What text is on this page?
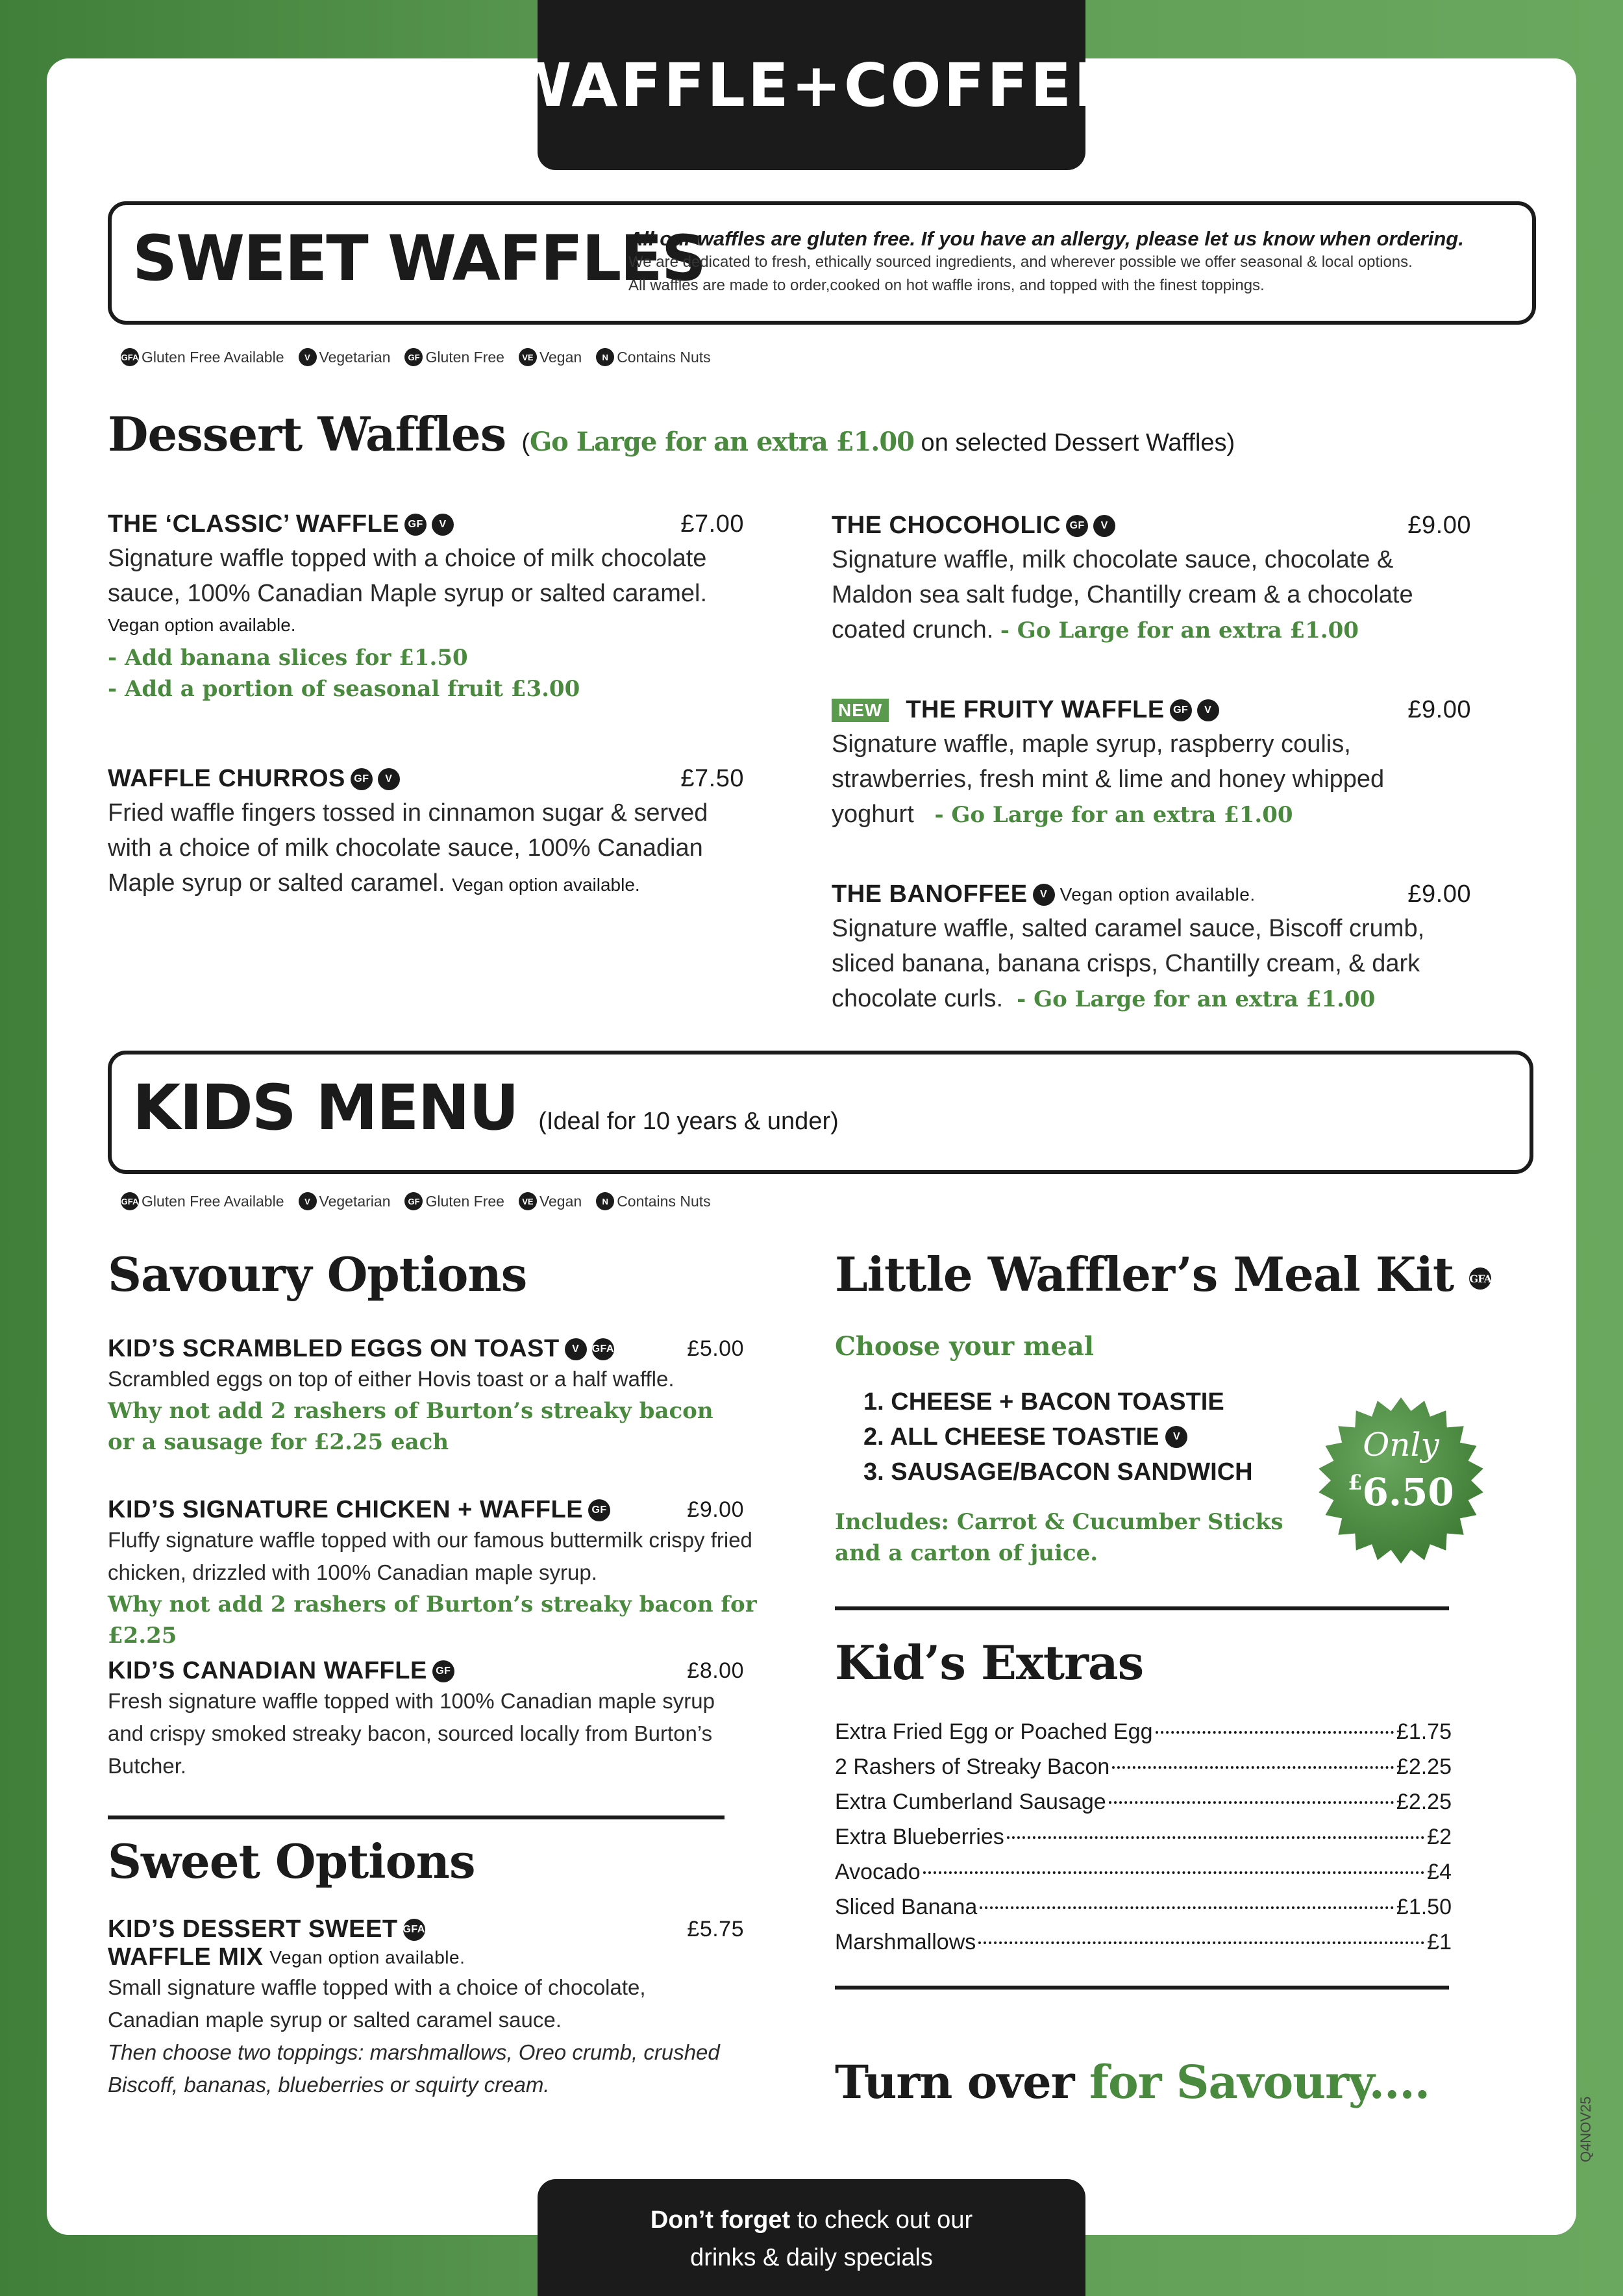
WAFFLE+COFFEE
SWEET WAFFLES
All our waffles are gluten free. If you have an allergy, please let us know when ordering.
We are dedicated to fresh, ethically sourced ingredients, and wherever possible we offer seasonal & local options.
All waffles are made to order,cooked on hot waffle irons, and topped with the finest toppings.
GFA Gluten Free Available	V Vegetarian	GF Gluten Free	VE Vegan	N Contains Nuts
Dessert Waffles (Go Large for an extra £1.00 on selected Dessert Waffles)
THE ‘CLASSIC’ WAFFLE GF	V	£7.00
Signature waffle topped with a choice of milk chocolate sauce, 100% Canadian Maple syrup or salted caramel.
Vegan option available.
- Add banana slices for £1.50
- Add a portion of seasonal fruit £3.00
WAFFLE CHURROS GF	V	£7.50
Fried waffle fingers tossed in cinnamon sugar & served with a choice of milk chocolate sauce, 100% Canadian Maple syrup or salted caramel. Vegan option available.
THE CHOCOHOLIC GF	V	£9.00
Signature waffle, milk chocolate sauce, chocolate & Maldon sea salt fudge, Chantilly cream & a chocolate coated crunch. - Go Large for an extra £1.00
NEW THE FRUITY WAFFLE GF	V	£9.00
Signature waffle, maple syrup, raspberry coulis, strawberries, fresh mint & lime and honey whipped yoghurt - Go Large for an extra £1.00
THE BANOFFEE	V Vegan option available.	£9.00
Signature waffle, salted caramel sauce, Biscoff crumb, sliced banana, banana crisps, Chantilly cream, & dark chocolate curls. - Go Large for an extra £1.00
KIDS MENU (Ideal for 10 years & under)
GFA Gluten Free Available	V Vegetarian	GF Gluten Free	VE Vegan	N Contains Nuts
Savoury Options
KID’S SCRAMBLED EGGS ON TOAST	V	GFA	£5.00
Scrambled eggs on top of either Hovis toast or a half waffle.
Why not add 2 rashers of Burton’s streaky bacon
or a sausage for £2.25 each
KID’S SIGNATURE CHICKEN + WAFFLE GF	£9.00
Fluffy signature waffle topped with our famous buttermilk crispy fried chicken, drizzled with 100% Canadian maple syrup.
Why not add 2 rashers of Burton’s streaky bacon for £2.25
KID’S CANADIAN WAFFLE GF	£8.00
Fresh signature waffle topped with 100% Canadian maple syrup and crispy smoked streaky bacon, sourced locally from Burton’s Butcher.
Sweet Options
KID’S DESSERT SWEET GFA	£5.75
WAFFLE MIX Vegan option available.
Small signature waffle topped with a choice of chocolate, Canadian maple syrup or salted caramel sauce.
Then choose two toppings: marshmallows, Oreo crumb, crushed Biscoff, bananas, blueberries or squirty cream.
Little Waffler’s Meal Kit GFA
Choose your meal
1. CHEESE + BACON TOASTIE
2. ALL CHEESE TOASTIE	V
3. SAUSAGE/BACON SANDWICH
Includes: Carrot & Cucumber Sticks
and a carton of juice.
Only
£6.50
Kid’s Extras
Extra Fried Egg or Poached Egg	£1.75
2 Rashers of Streaky Bacon	£2.25
Extra Cumberland Sausage	£2.25
Extra Blueberries	£2
Avocado	£4
Sliced Banana	£1.50
Marshmallows	£1
Turn over for Savoury....
Don’t forget to check out our
drinks & daily specials
Q4NOV25
